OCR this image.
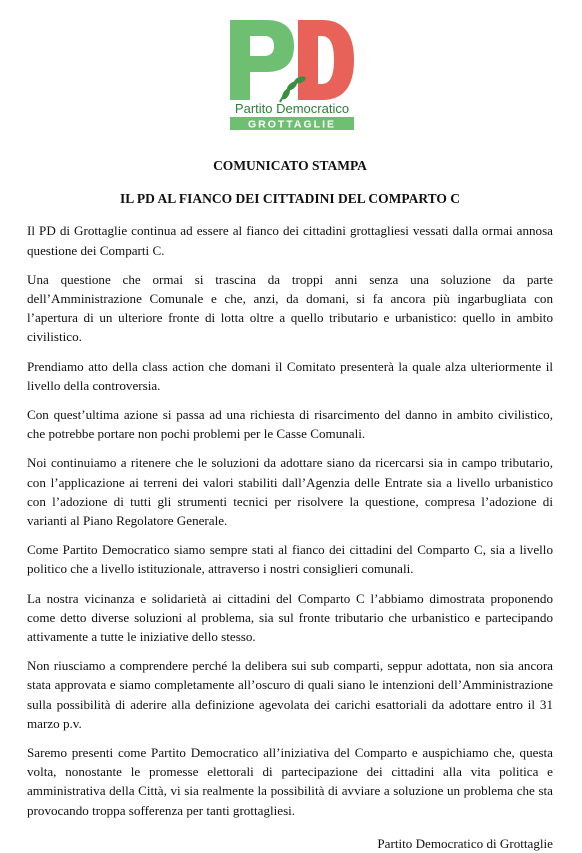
Partito Democratico
GROTTAGLIE
COMUNICATO STAMPA
IL PD AL FIANCO DEI CITTADINI DEL COMPARTO C

Il PD di Grottaglie continua ad essere al fianco dei cittadini grottagliesi vessati dalla ormai annosa questione dei Comparti C.

Una questione che ormai si trascina da troppi anni senza una soluzione da parte dell’Amministrazione Comunale e che, anzi, da domani, si fa ancora più ingarbugliata con l’apertura di un ulteriore fronte di lotta oltre a quello tributario e urbanistico: quello in ambito civilistico.

Prendiamo atto della class action che domani il Comitato presenterà la quale alza ulteriormente il livello della controversia.

Con quest’ultima azione si passa ad una richiesta di risarcimento del danno in ambito civilistico, che potrebbe portare non pochi problemi per le Casse Comunali.

Noi continuiamo a ritenere che le soluzioni da adottare siano da ricercarsi sia in campo tributario, con l’applicazione ai terreni dei valori stabiliti dall’Agenzia delle Entrate sia a livello urbanistico con l’adozione di tutti gli strumenti tecnici per risolvere la questione, compresa l’adozione di varianti al Piano Regolatore Generale.

Come Partito Democratico siamo sempre stati al fianco dei cittadini del Comparto C, sia a livello politico che a livello istituzionale, attraverso i nostri consiglieri comunali.

La nostra vicinanza e solidarietà ai cittadini del Comparto C l’abbiamo dimostrata proponendo come detto diverse soluzioni al problema, sia sul fronte tributario che urbanistico e partecipando attivamente a tutte le iniziative dello stesso.

Non riusciamo a comprendere perché la delibera sui sub comparti, seppur adottata, non sia ancora stata approvata e siamo completamente all’oscuro di quali siano le intenzioni dell’Amministrazione sulla possibilità di aderire alla definizione agevolata dei carichi esattoriali da adottare entro il 31 marzo p.v.

Saremo presenti come Partito Democratico all’iniziativa del Comparto e auspichiamo che, questa volta, nonostante le promesse elettorali di partecipazione dei cittadini alla vita politica e amministrativa della Città, vi sia realmente la possibilità di avviare a soluzione un problema che sta provocando troppa sofferenza per tanti grottagliesi.

Partito Democratico di Grottaglie
